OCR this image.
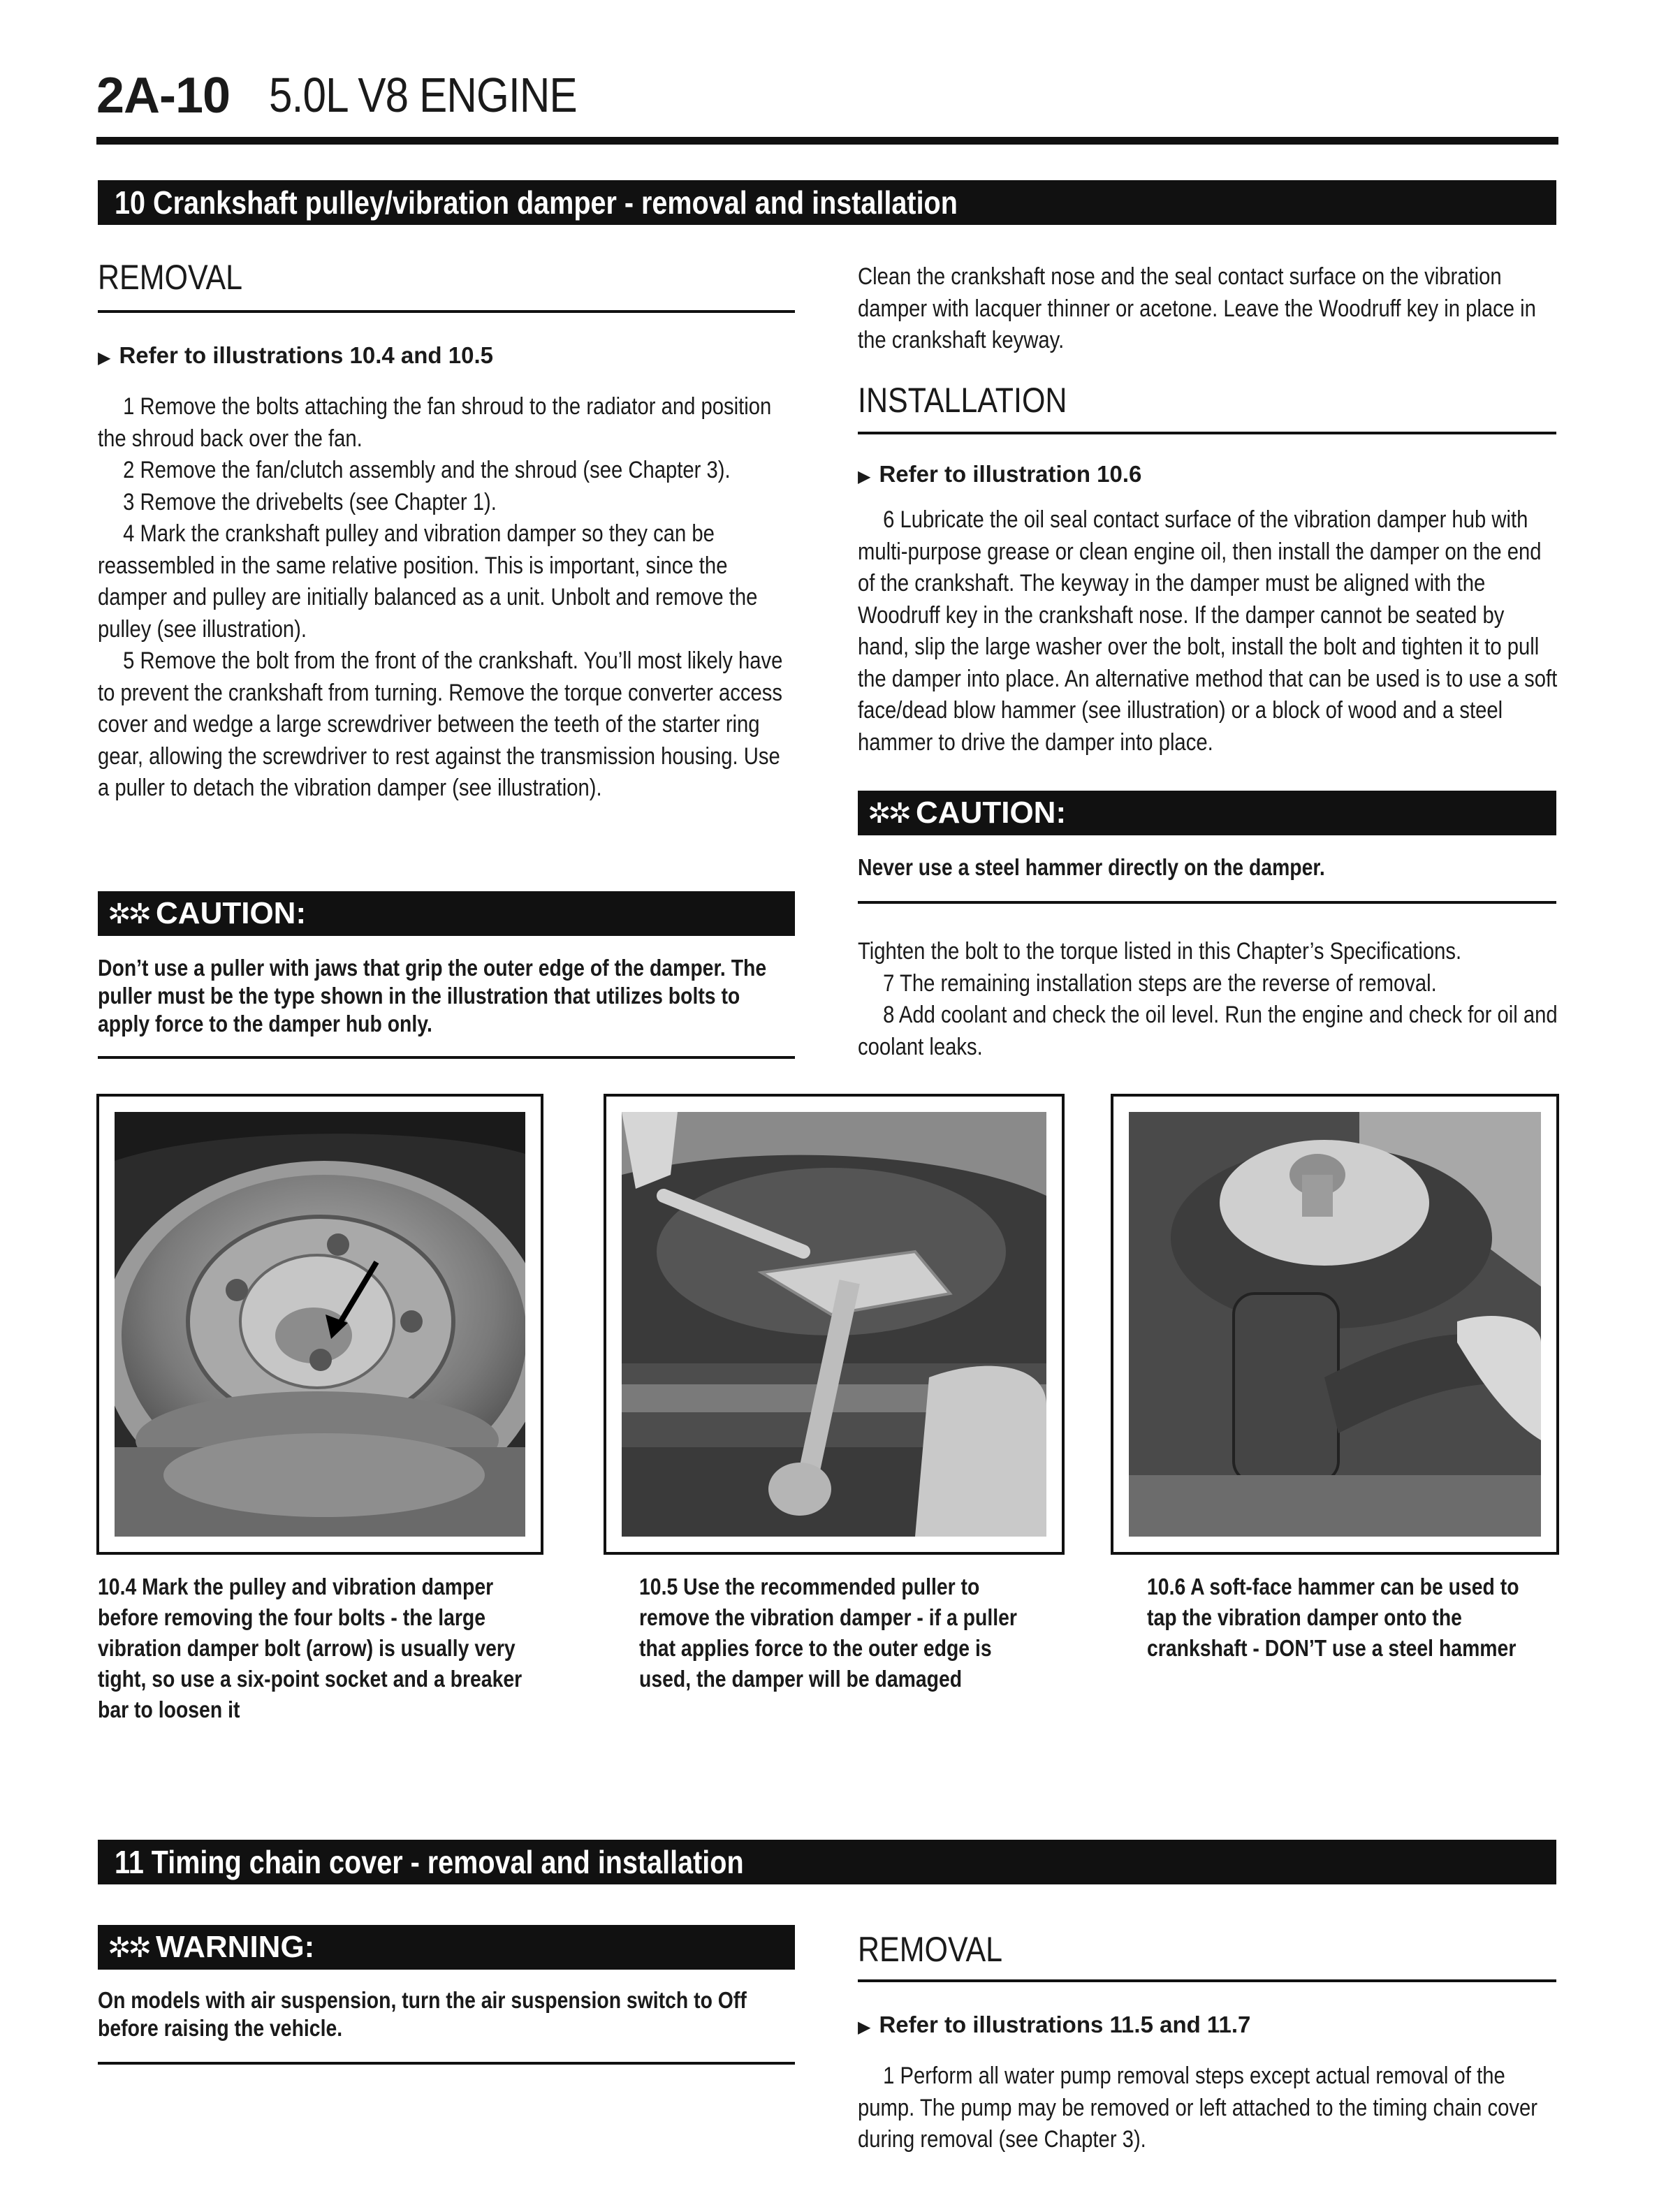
2A-10 5.0L V8 ENGINE
10 Crankshaft pulley/vibration damper - removal and installation
REMOVAL
▶ Refer to illustrations 10.4 and 10.5

1 Remove the bolts attaching the fan shroud to the radiator and position the shroud back over the fan.

2 Remove the fan/clutch assembly and the shroud (see Chapter 3).

3 Remove the drivebelts (see Chapter 1).

4 Mark the crankshaft pulley and vibration damper so they can be reassembled in the same relative position. This is important, since the damper and pulley are initially balanced as a unit. Unbolt and remove the pulley (see illustration).

5 Remove the bolt from the front of the crankshaft. You’ll most likely have to prevent the crankshaft from turning. Remove the torque converter access cover and wedge a large screwdriver between the teeth of the starter ring gear, allowing the screwdriver to rest against the transmission housing. Use a puller to detach the vibration damper (see illustration).

✲✲ CAUTION:
Don’t use a puller with jaws that grip the outer edge of the damper. The puller must be the type shown in the illustration that utilizes bolts to apply force to the damper hub only.
Clean the crankshaft nose and the seal contact surface on the vibration damper with lacquer thinner or acetone. Leave the Woodruff key in place in the crankshaft keyway.
INSTALLATION
▶ Refer to illustration 10.6

6 Lubricate the oil seal contact surface of the vibration damper hub with multi-purpose grease or clean engine oil, then install the damper on the end of the crankshaft. The keyway in the damper must be aligned with the Woodruff key in the crankshaft nose. If the damper cannot be seated by hand, slip the large washer over the bolt, install the bolt and tighten it to pull the damper into place. An alternative method that can be used is to use a soft face/dead blow hammer (see illustration) or a block of wood and a steel hammer to drive the damper into place.

✲✲ CAUTION:
Never use a steel hammer directly on the damper.

Tighten the bolt to the torque listed in this Chapter’s Specifications.

7 The remaining installation steps are the reverse of removal.

8 Add coolant and check the oil level. Run the engine and check for oil and coolant leaks.

10.4 Mark the pulley and vibration damper before removing the four bolts - the large vibration damper bolt (arrow) is usually very tight, so use a six-point socket and a breaker bar to loosen it
10.5 Use the recommended puller to remove the vibration damper - if a puller that applies force to the outer edge is used, the damper will be damaged
10.6 A soft-face hammer can be used to tap the vibration damper onto the crankshaft - DON’T use a steel hammer
11 Timing chain cover - removal and installation
✲✲ WARNING:
On models with air suspension, turn the air suspension switch to Off before raising the vehicle.
REMOVAL
▶ Refer to illustrations 11.5 and 11.7

1 Perform all water pump removal steps except actual removal of the pump. The pump may be removed or left attached to the timing chain cover during removal (see Chapter 3).
